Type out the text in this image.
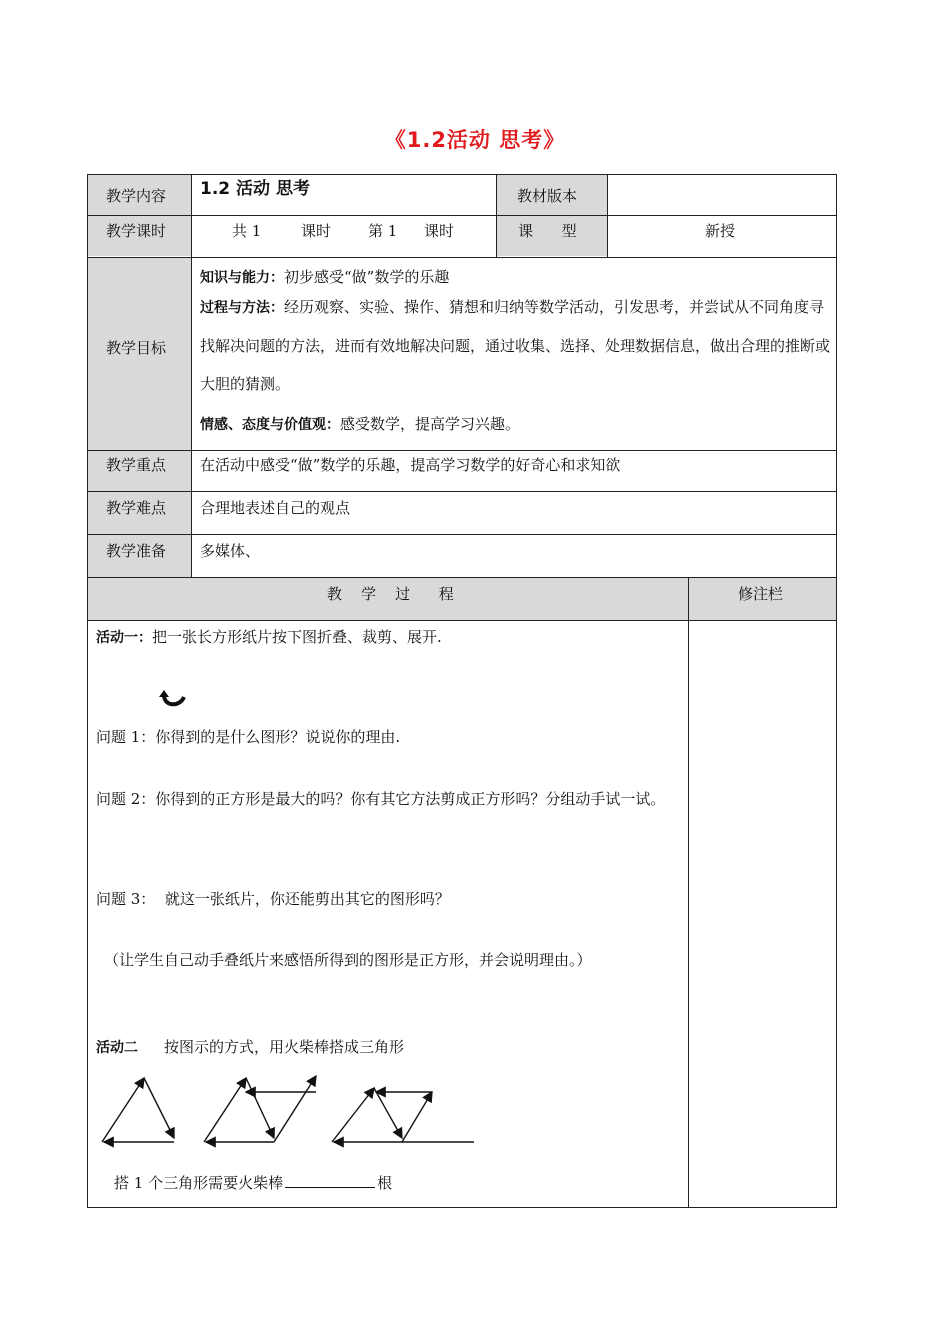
《1.2活动 思考》
教学内容 1.2 活动 思考	教材版本
教学课时	共 1	课时 第 1 课时	课      型	新授
教学目标
知识与能力：初步感受“做”数学的乐趣
过程与方法：经历观察、实验、操作、猜想和归纳等数学活动，引发思考，并尝试从不同角度寻找解决问题的方法，进而有效地解决问题，通过收集、选择、处理数据信息，做出合理的推断或大胆的猜测。
情感、态度与价值观：感受数学，提高学习兴趣。
教学重点 在活动中感受“做”数学的乐趣，提高学习数学的好奇心和求知欲
教学难点 合理地表述自己的观点
教学准备 多媒体、
教    学    过      程	修注栏
活动一：把一张长方形纸片按下图折叠、裁剪、展开.
问题 1：你得到的是什么图形？说说你的理由.
问题 2：你得到的正方形是最大的吗？你有其它方法剪成正方形吗？分组动手试一试。
问题 3：  就这一张纸片，你还能剪出其它的图形吗？
（让学生自己动手叠纸片来感悟所得到的图形是正方形，并会说明理由。）
活动二 按图示的方式，用火柴棒搭成三角形
搭 1 个三角形需要火柴棒	根
